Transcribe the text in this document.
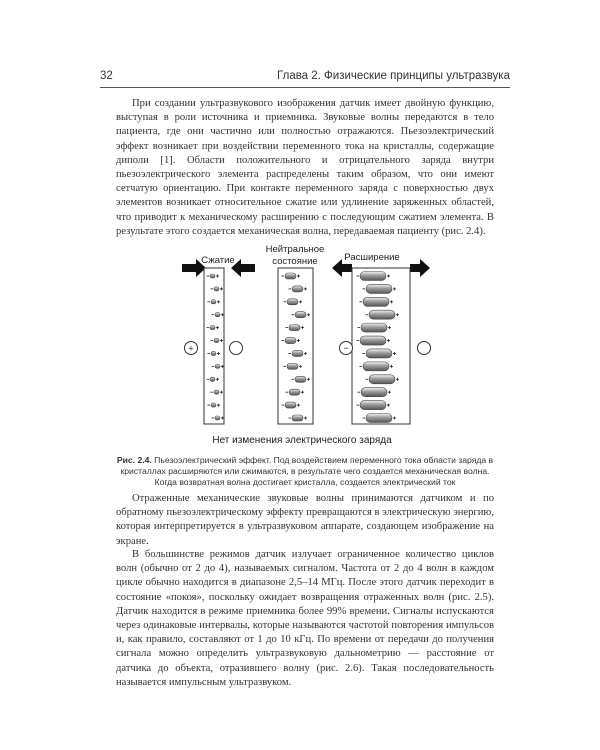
32	Глава 2. Физические принципы ультразвука

При создании ультразвукового изображения датчик имеет двойную функцию, выступая в роли источника и приемника. Звуковые волны передаются в тело пациента, где они частично или полностью отражаются. Пьезоэлектрический эффект возникает при воздействии переменного тока на кристаллы, содержащие диполи [1]. Области положительного и отрицательного заряда внутри пьезоэлектрического элемента распределены таким образом, что они имеют сетчатую ориентацию. При контакте переменного заряда с поверхностью двух элементов возникает относительное сжатие или удлинение заряженных областей, что приводит к механическому расширению с последующим сжатием элемента. В результате этого создается механическая волна, передаваемая пациенту (рис. 2.4).

Сжатие
Нейтральное
состояние	Расширение
+	−
Нет изменения электрического заряда

Рис. 2.4. Пьезоэлектрический эффект. Под воздействием переменного тока области заряда в кристаллах расширяются или сжимаются, в результате чего создается механическая волна. Когда возвратная волна достигает кристалла, создается электрический ток

Отраженные механические звуковые волны принимаются датчиком и по обратному пьезоэлектрическому эффекту превращаются в электрическую энергию, которая интерпретируется в ультразвуковом аппарате, создающем изображение на экране.

В большинстве режимов датчик излучает ограниченное количество циклов волн (обычно от 2 до 4), называемых сигналом. Частота от 2 до 4 волн в каждом цикле обычно находится в диапазоне 2,5–14 МГц. После этого датчик переходит в состояние «покоя», поскольку ожидает возвращения отраженных волн (рис. 2.5). Датчик находится в режиме приемника более 99% времени. Сигналы испускаются через одинаковые интервалы, которые называются частотой повторения импульсов и, как правило, составляют от 1 до 10 кГц. По времени от передачи до получения сигнала можно определить ультразвуковую дальнометрию — расстояние от датчика до объекта, отразившего волну (рис. 2.6). Такая последовательность называется импульсным ультразвуком.
